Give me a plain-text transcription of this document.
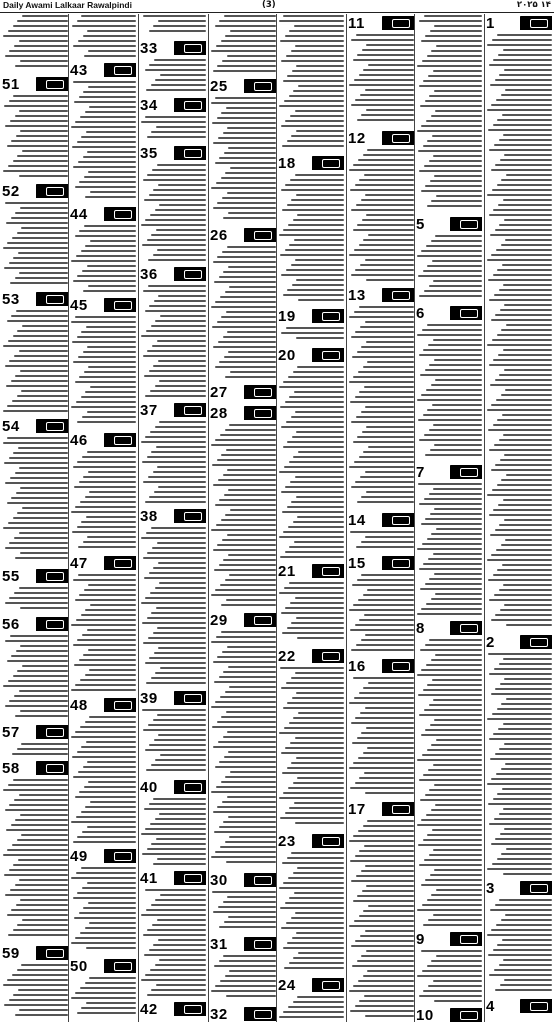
Daily Awami Lalkaar Rawalpindi	(3)	۱۴ ۲۰۲۵
51
52
53
54
55
56
57
58
59
43
44
45
46
47
48
49
50
33
34
35
36
37
38
39
40
41
42
25
26
27
28
29
30
31
32
18
19
20
21
22
23
24
11
12
13
14
15
16
17
5
6
7
8
9
10
1
2
3
4
